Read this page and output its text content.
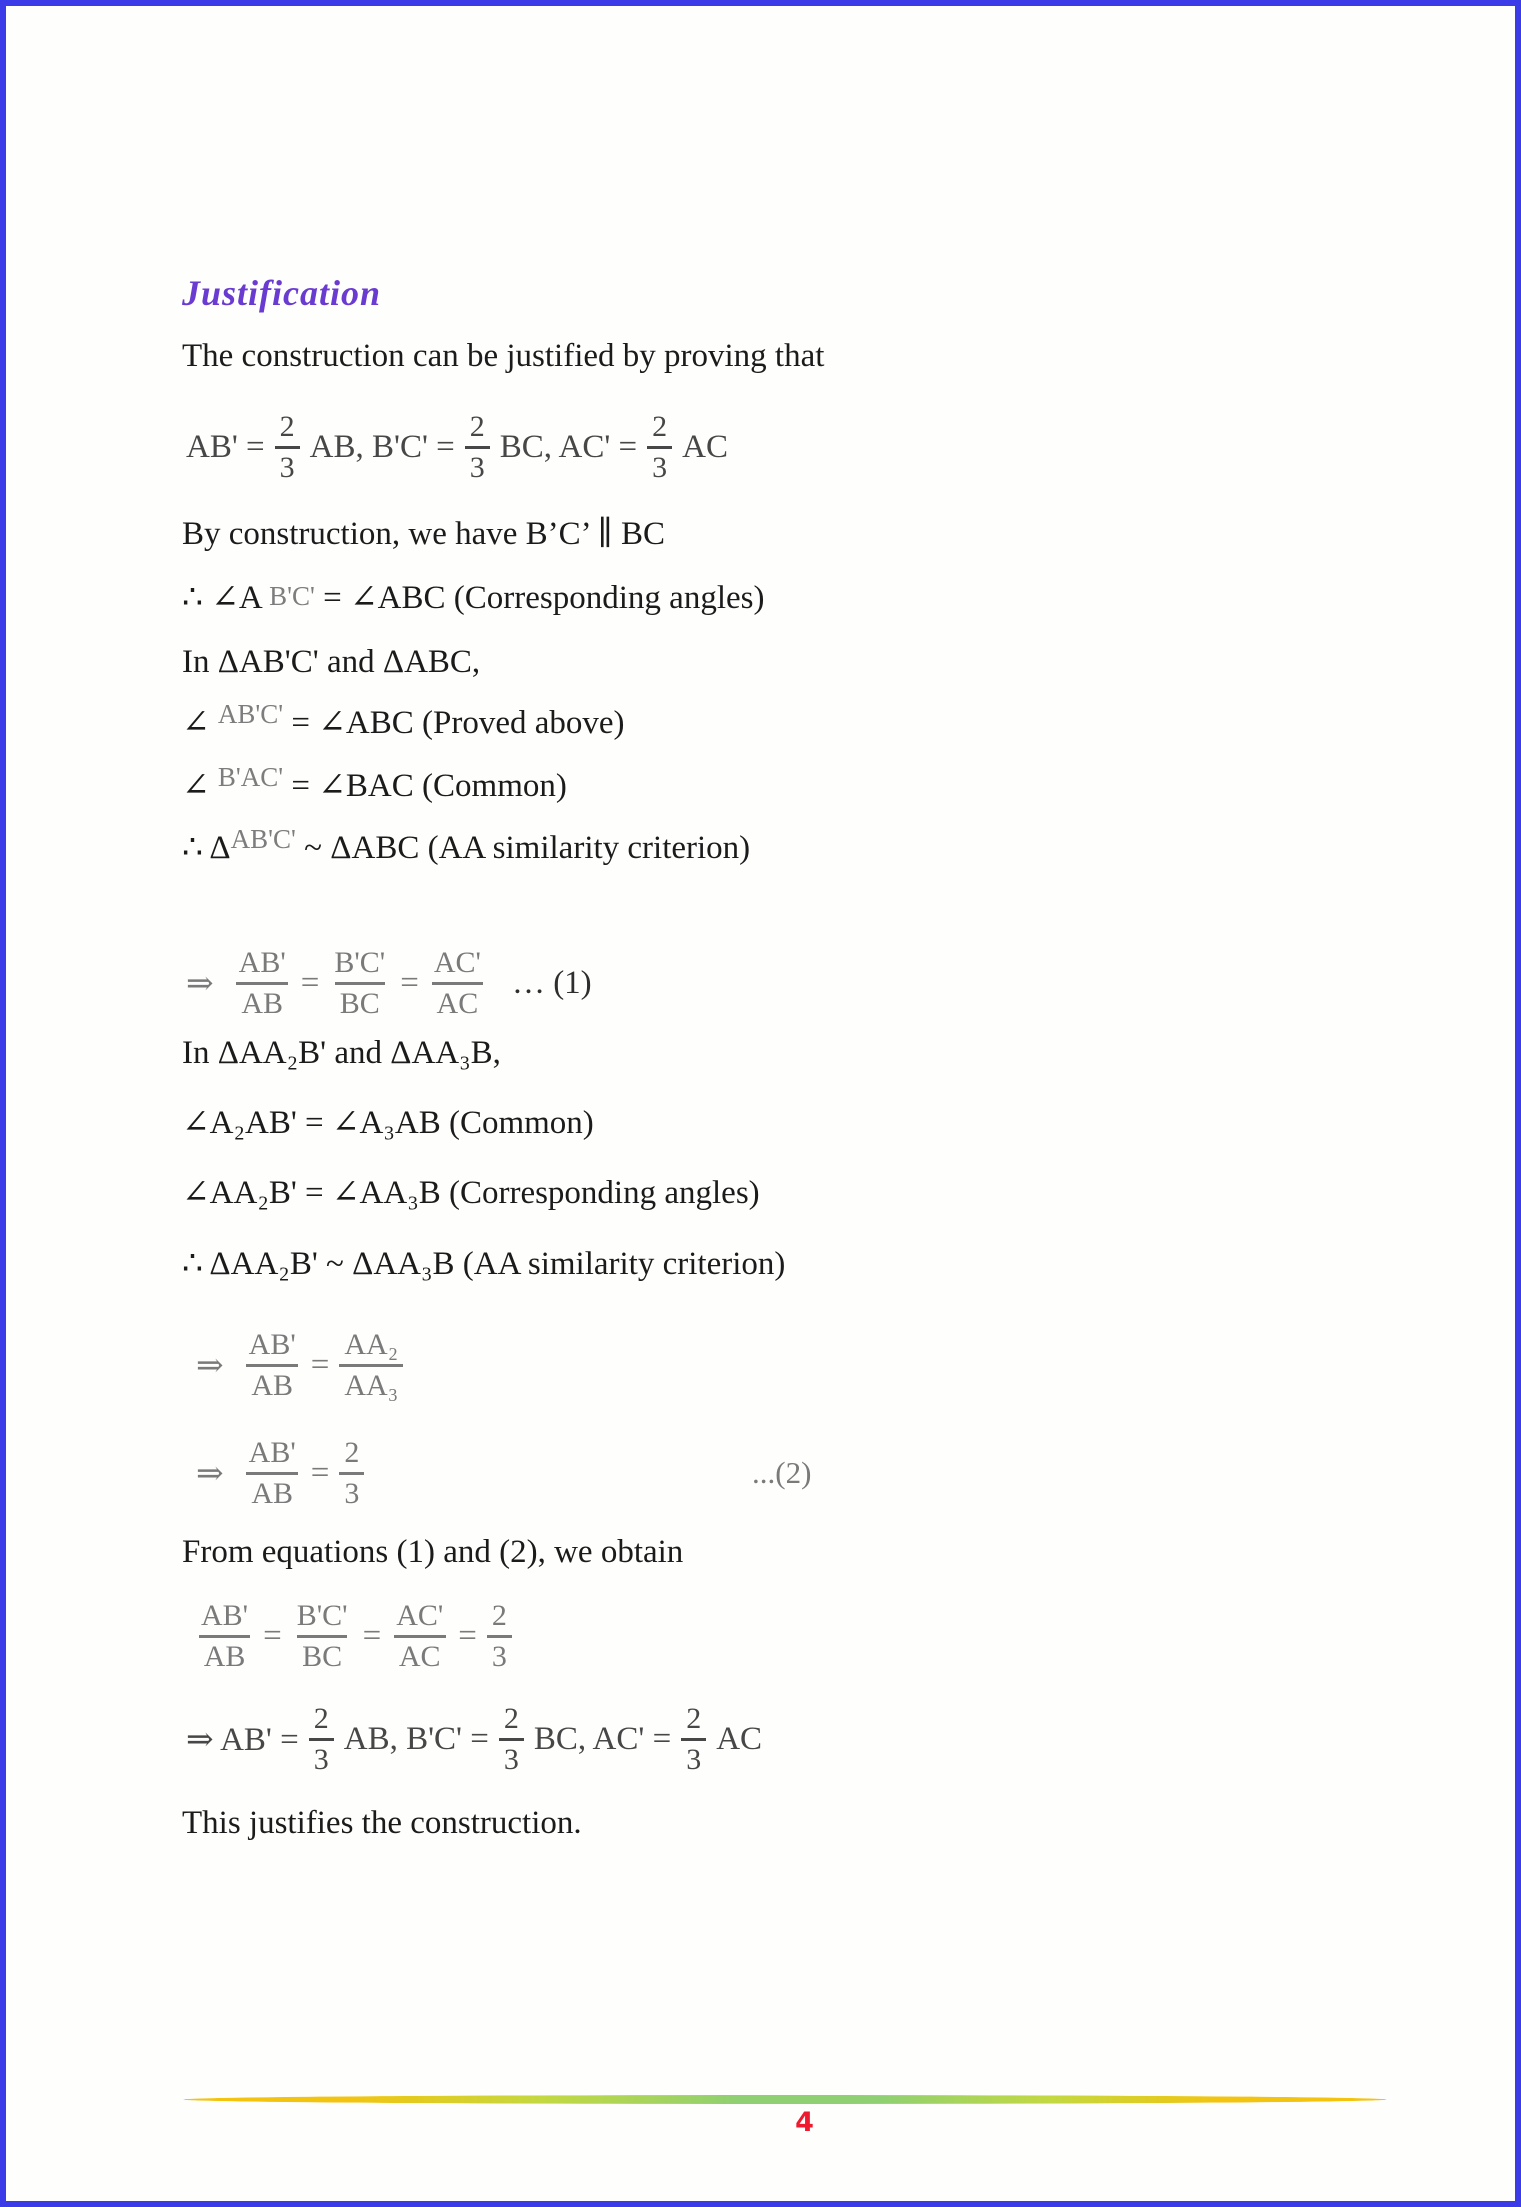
Justification

The construction can be justified by proving that

$AB' = \frac{2}{3}$ AB, $B'C' = \frac{2}{3}$ BC, $AC' = \frac{2}{3}$ AC

By construction, we have B’C’ ∥ BC

∴ ∠A B'C' = ∠ABC (Corresponding angles)

In ΔAB'C' and ΔABC,

∠ $^{AB'C'}$ = ∠ABC (Proved above)

∠ $^{B'AC'}$ = ∠BAC (Common)

∴ $\Delta^{AB'C'}$ ~ ΔABC (AA similarity criterion)

⇒ $\frac{AB'}{AB} = \frac{B'C'}{BC} = \frac{AC'}{AC}$ … (1)

In ΔAA₂B' and ΔAA₃B,

∠A₂AB' = ∠A₃AB (Common)

∠AA₂B' = ∠AA₃B (Corresponding angles)

∴ ΔAA₂B' ~ ΔAA₃B (AA similarity criterion)

⇒ $\frac{AB'}{AB} = \frac{\text{AA₂}}{\text{AA₃}}$
⇒ $\frac{AB'}{AB} = \frac{2}{3}$	...(2)

From equations (1) and (2), we obtain

$\frac{AB'}{AB} = \frac{B'C'}{BC} = \frac{AC'}{AC} = \frac{2}{3}$
⇒ $AB' = \frac{2}{3}$ AB, $B'C' = \frac{2}{3}$ BC, $AC' = \frac{2}{3}$ AC

This justifies the construction.

4
